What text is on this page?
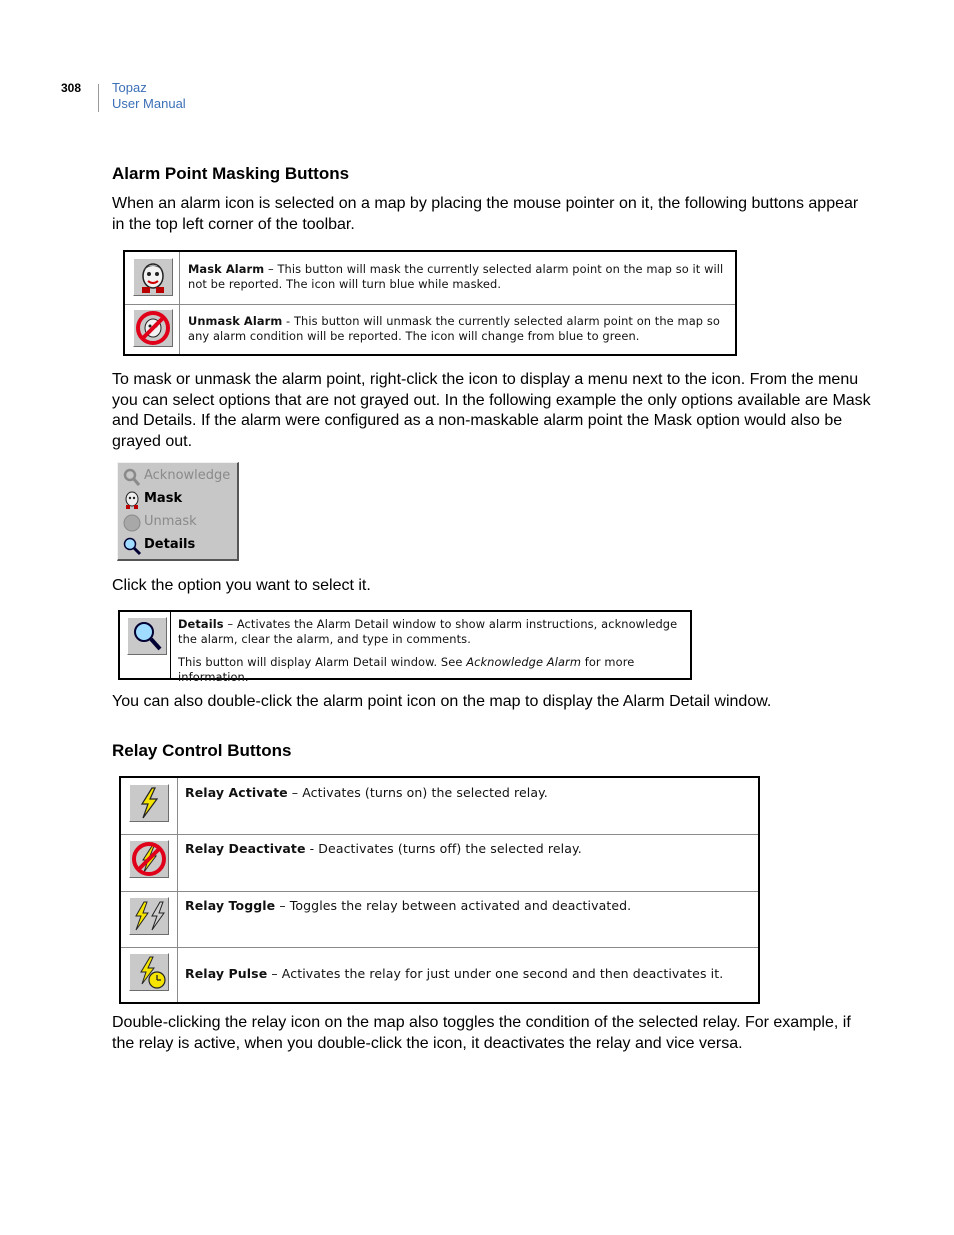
308 Topaz
User Manual
Alarm Point Masking Buttons
When an alarm icon is selected on a map by placing the mouse pointer on it, the following buttons appear in the top left corner of the toolbar.
Mask Alarm – This button will mask the currently selected alarm point on the map so it will not be reported. The icon will turn blue while masked.
Unmask Alarm - This button will unmask the currently selected alarm point on the map so any alarm condition will be reported. The icon will change from blue to green.
To mask or unmask the alarm point, right-click the icon to display a menu next to the icon. From the menu you can select options that are not grayed out. In the following example the only options available are Mask and Details. If the alarm were configured as a non-maskable alarm point the Mask option would also be grayed out.
Acknowledge
Mask
Unmask
Details
Click the option you want to select it.
Details – Activates the Alarm Detail window to show alarm instructions, acknowledge the alarm, clear the alarm, and type in comments.
This button will display Alarm Detail window. See Acknowledge Alarm for more information.
You can also double-click the alarm point icon on the map to display the Alarm Detail window.
Relay Control Buttons
Relay Activate – Activates (turns on) the selected relay.
Relay Deactivate - Deactivates (turns off) the selected relay.
Relay Toggle – Toggles the relay between activated and deactivated.
Relay Pulse – Activates the relay for just under one second and then deactivates it.
Double-clicking the relay icon on the map also toggles the condition of the selected relay. For example, if the relay is active, when you double-click the icon, it deactivates the relay and vice versa.
